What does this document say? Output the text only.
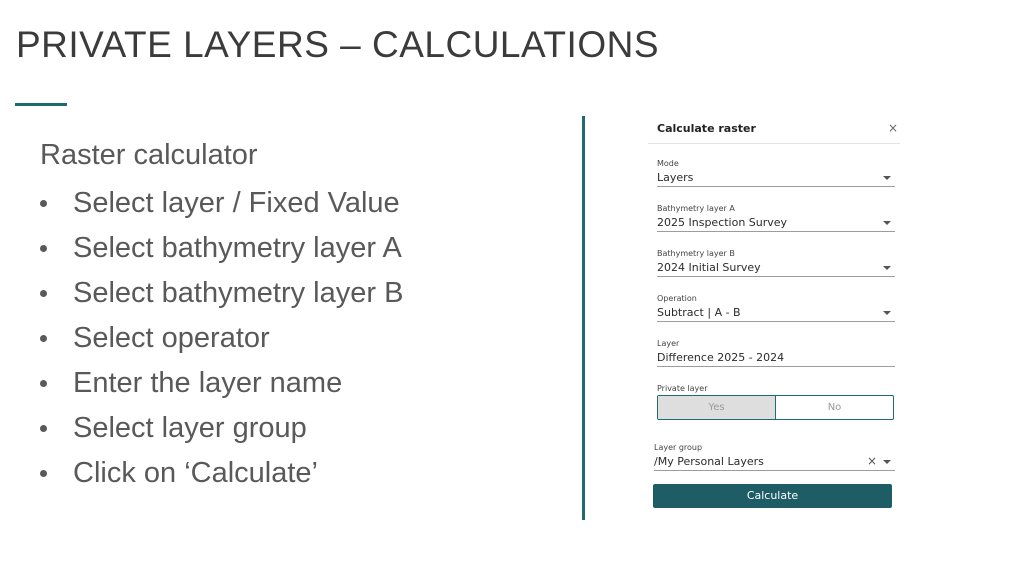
PRIVATE LAYERS – CALCULATIONS
Raster calculator
Select layer / Fixed Value
Select bathymetry layer A
Select bathymetry layer B
Select operator
Enter the layer name
Select layer group
Click on ‘Calculate’
Calculate raster	×
Mode
Layers
Bathymetry layer A
2025 Inspection Survey
Bathymetry layer B
2024 Initial Survey
Operation
Subtract | A - B
Layer
Difference 2025 - 2024
Private layer
Yes	No
Layer group
/My Personal Layers	×
Calculate
